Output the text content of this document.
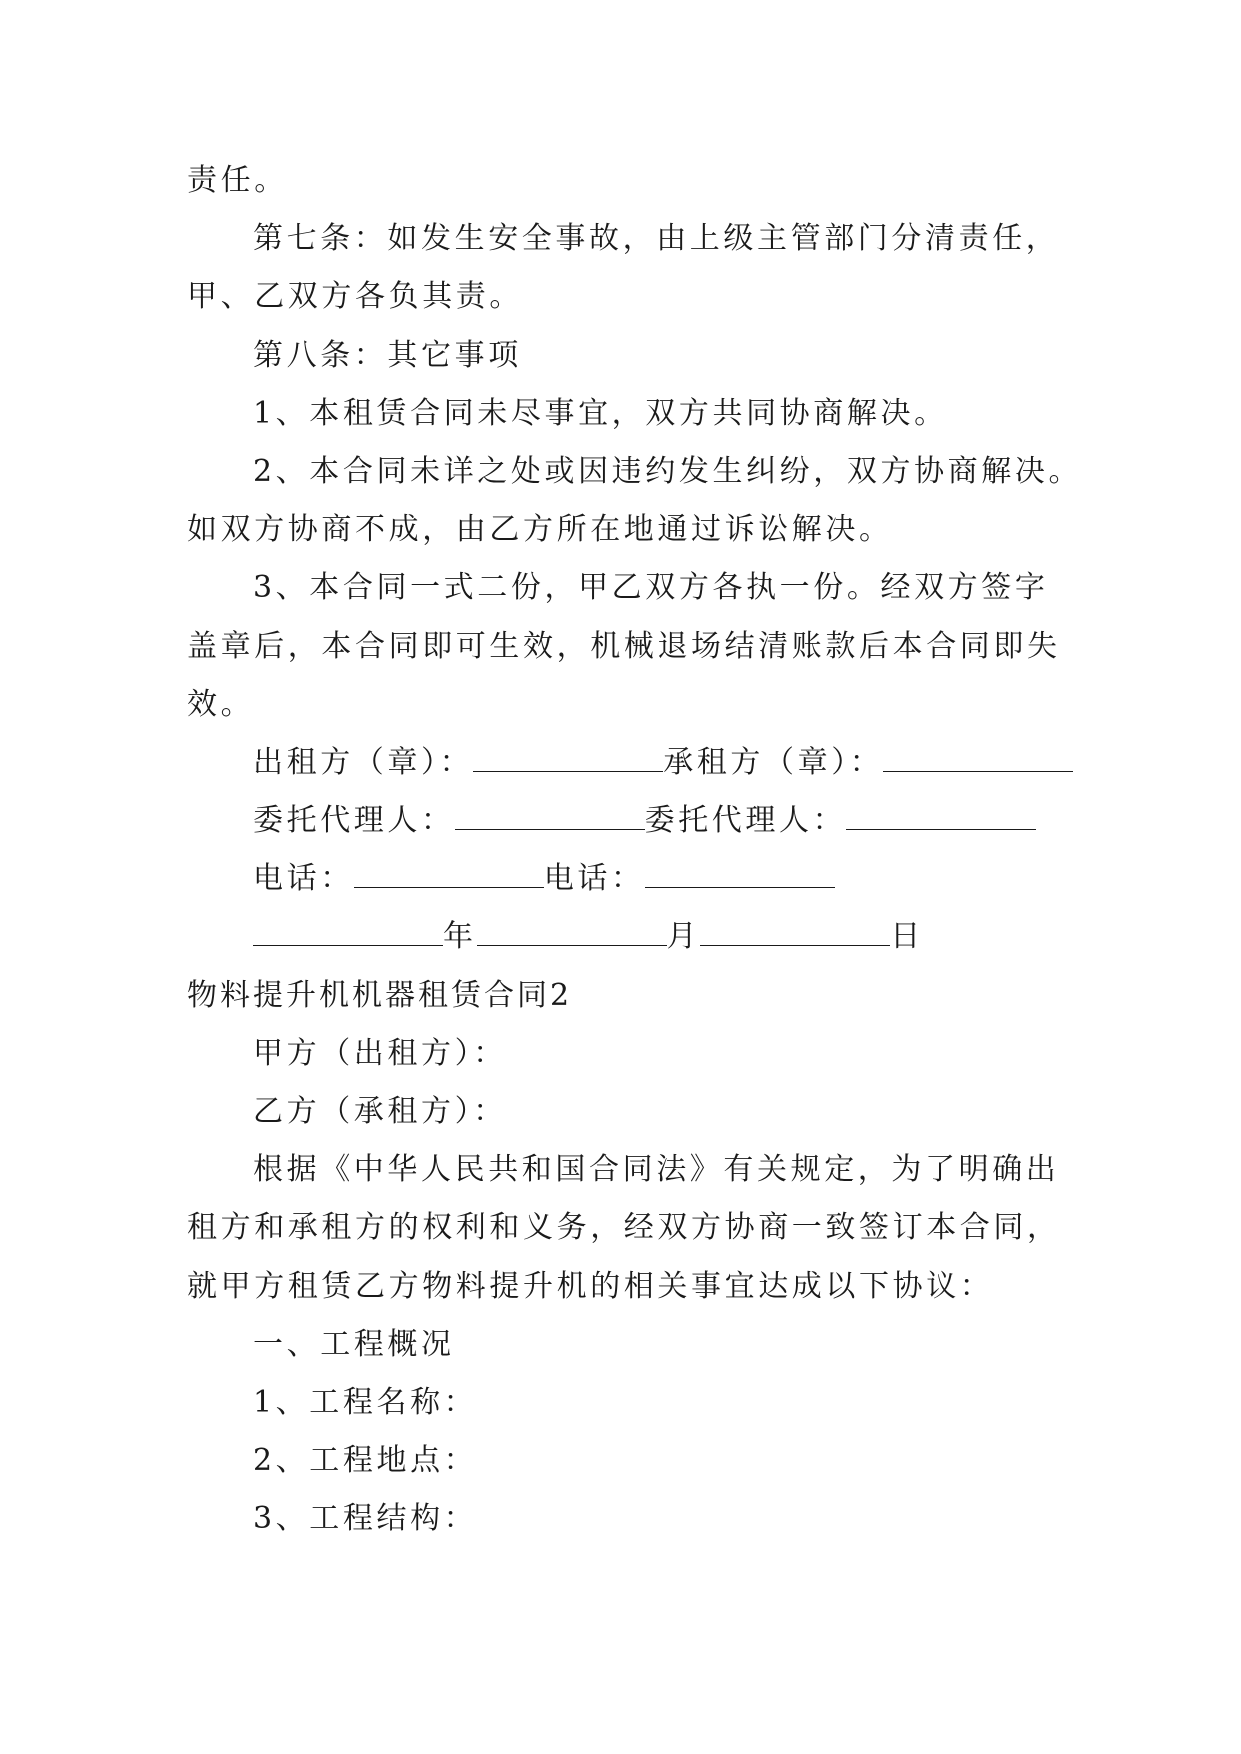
责任。

第七条：如发生安全事故，由上级主管部门分清责任，

甲、乙双方各负其责。

第八条：其它事项

1、本租赁合同未尽事宜，双方共同协商解决。

2、本合同未详之处或因违约发生纠纷，双方协商解决。

如双方协商不成，由乙方所在地通过诉讼解决。

3、本合同一式二份，甲乙双方各执一份。经双方签字

盖章后，本合同即可生效，机械退场结清账款后本合同即失

效。

出租方（章）：	承租方（章）：

委托代理人：	委托代理人：

电话：	电话：

年	月	日

物料提升机机器租赁合同2

甲方（出租方）：

乙方（承租方）：

根据《中华人民共和国合同法》有关规定，为了明确出

租方和承租方的权利和义务，经双方协商一致签订本合同，

就甲方租赁乙方物料提升机的相关事宜达成以下协议：

一、工程概况

1、工程名称：

2、工程地点：

3、工程结构：
